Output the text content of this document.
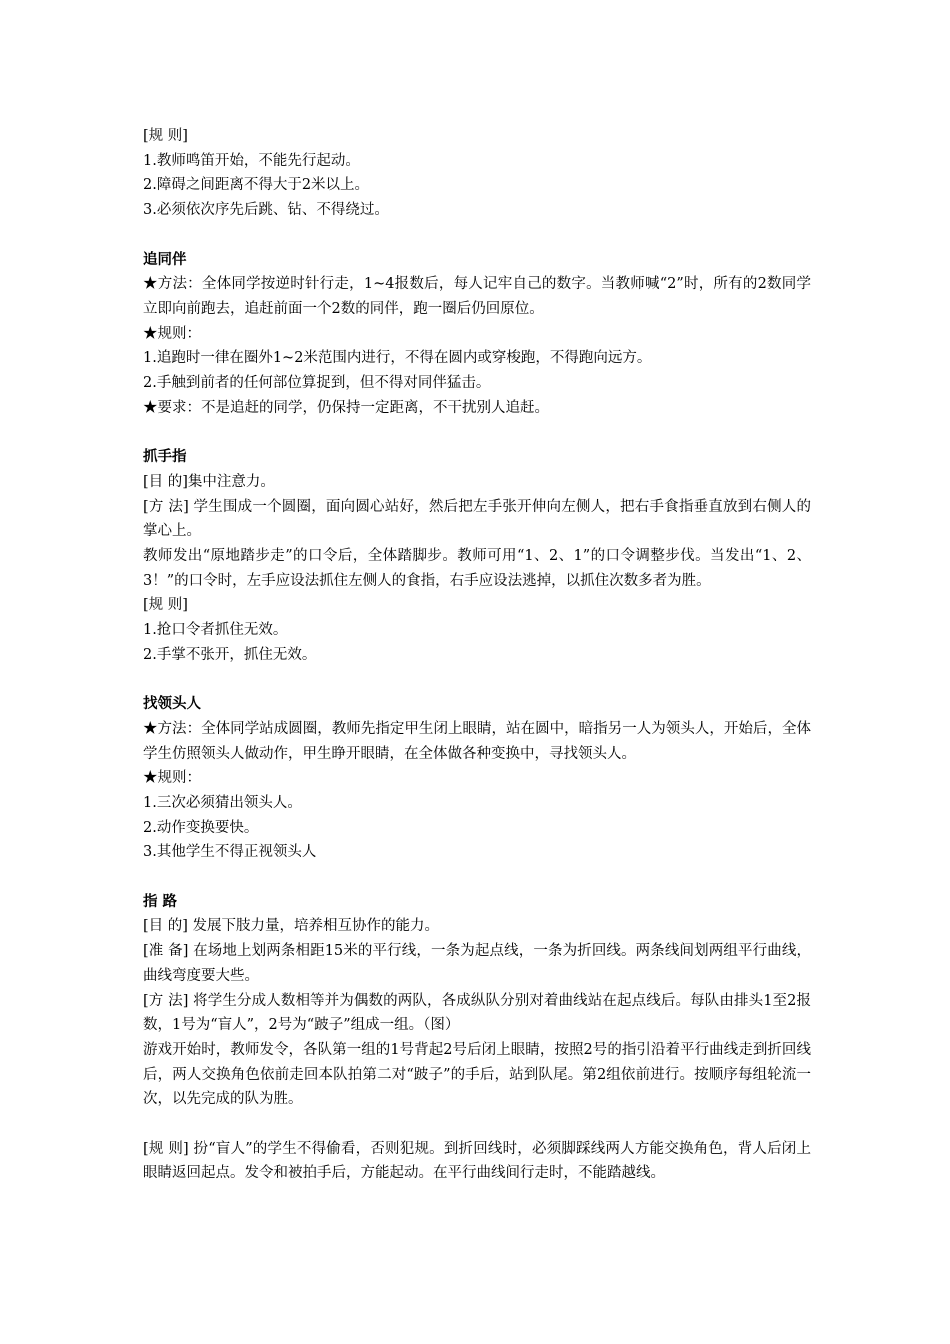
[规 则]
1.教师鸣笛开始，不能先行起动。
2.障碍之间距离不得大于2米以上。
3.必须依次序先后跳、钻、不得绕过。
追同伴
★方法：全体同学按逆时针行走，1~4报数后，每人记牢自己的数字。当教师喊“2”时，所有的2数同学立即向前跑去，追赶前面一个2数的同伴，跑一圈后仍回原位。
★规则：
1.追跑时一律在圈外1~2米范围内进行，不得在圆内或穿梭跑，不得跑向远方。
2.手触到前者的任何部位算捉到，但不得对同伴猛击。
★要求：不是追赶的同学，仍保持一定距离，不干扰别人追赶。
抓手指
[目 的]集中注意力。
[方 法] 学生围成一个圆圈，面向圆心站好，然后把左手张开伸向左侧人，把右手食指垂直放到右侧人的掌心上。
教师发出“原地踏步走”的口令后，全体踏脚步。教师可用“1、2、1”的口令调整步伐。当发出“1、2、3！”的口令时，左手应设法抓住左侧人的食指，右手应设法逃掉，以抓住次数多者为胜。
[规 则]
1.抢口令者抓住无效。
2.手掌不张开，抓住无效。
找领头人
★方法：全体同学站成圆圈，教师先指定甲生闭上眼睛，站在圆中，暗指另一人为领头人，开始后，全体学生仿照领头人做动作，甲生睁开眼睛，在全体做各种变换中，寻找领头人。
★规则：
1.三次必须猜出领头人。
2.动作变换要快。
3.其他学生不得正视领头人
指 路
[目 的] 发展下肢力量，培养相互协作的能力。
[准 备] 在场地上划两条相距15米的平行线，一条为起点线，一条为折回线。两条线间划两组平行曲线，曲线弯度要大些。
[方 法] 将学生分成人数相等并为偶数的两队，各成纵队分别对着曲线站在起点线后。每队由排头1至2报数，1号为“盲人”，2号为“跛子”组成一组。（图）
游戏开始时，教师发令，各队第一组的1号背起2号后闭上眼睛，按照2号的指引沿着平行曲线走到折回线后，两人交换角色依前走回本队拍第二对“跛子”的手后，站到队尾。第2组依前进行。按顺序每组轮流一次，以先完成的队为胜。
[规 则] 扮“盲人”的学生不得偷看，否则犯规。到折回线时，必须脚踩线两人方能交换角色，背人后闭上眼睛返回起点。发令和被拍手后，方能起动。在平行曲线间行走时，不能踏越线。
